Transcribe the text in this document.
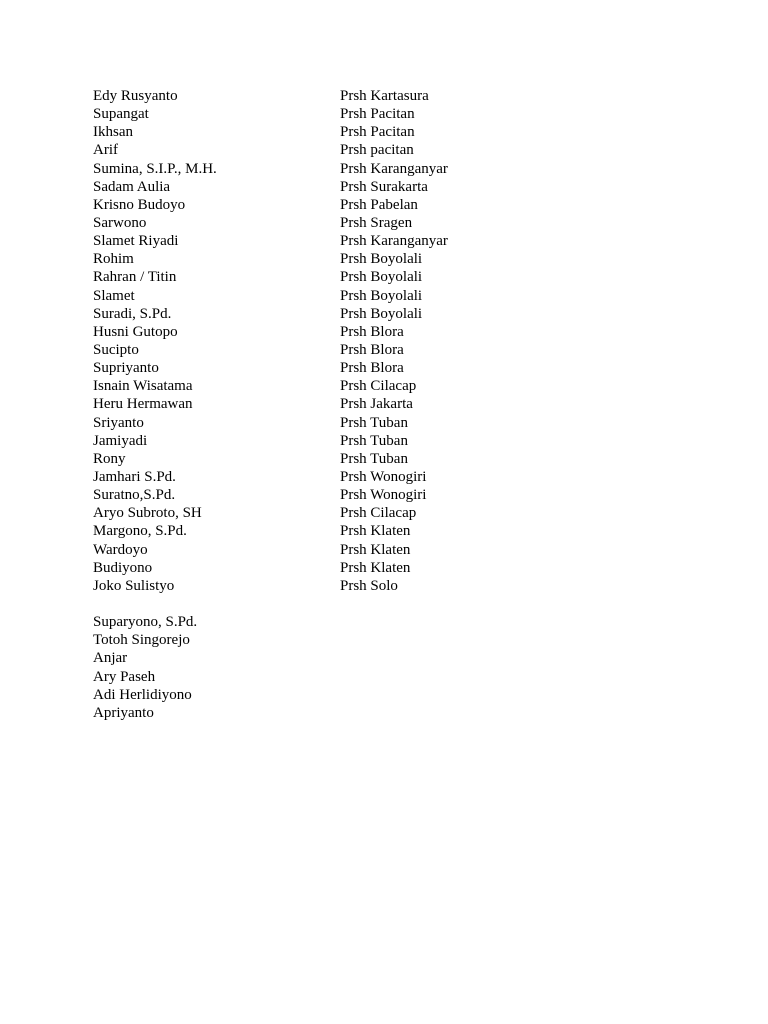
Edy Rusyanto	Prsh Kartasura
Supangat	Prsh Pacitan
Ikhsan	Prsh Pacitan
Arif	Prsh pacitan
Sumina, S.I.P., M.H.	Prsh Karanganyar
Sadam Aulia	Prsh Surakarta
Krisno Budoyo	Prsh Pabelan
Sarwono	Prsh Sragen
Slamet Riyadi	Prsh Karanganyar
Rohim	Prsh Boyolali
Rahran / Titin	Prsh Boyolali
Slamet	Prsh Boyolali
Suradi, S.Pd.	Prsh Boyolali
Husni Gutopo	Prsh Blora
Sucipto	Prsh Blora
Supriyanto	Prsh Blora
Isnain Wisatama	Prsh Cilacap
Heru Hermawan	Prsh Jakarta
Sriyanto	Prsh Tuban
Jamiyadi	Prsh Tuban
Rony	Prsh Tuban
Jamhari S.Pd.	Prsh Wonogiri
Suratno,S.Pd.	Prsh Wonogiri
Aryo Subroto, SH	Prsh Cilacap
Margono, S.Pd.	Prsh Klaten
Wardoyo	Prsh Klaten
Budiyono	Prsh Klaten
Joko Sulistyo	Prsh Solo
Suparyono, S.Pd.
Totoh Singorejo
Anjar
Ary Paseh
Adi Herlidiyono
Apriyanto
